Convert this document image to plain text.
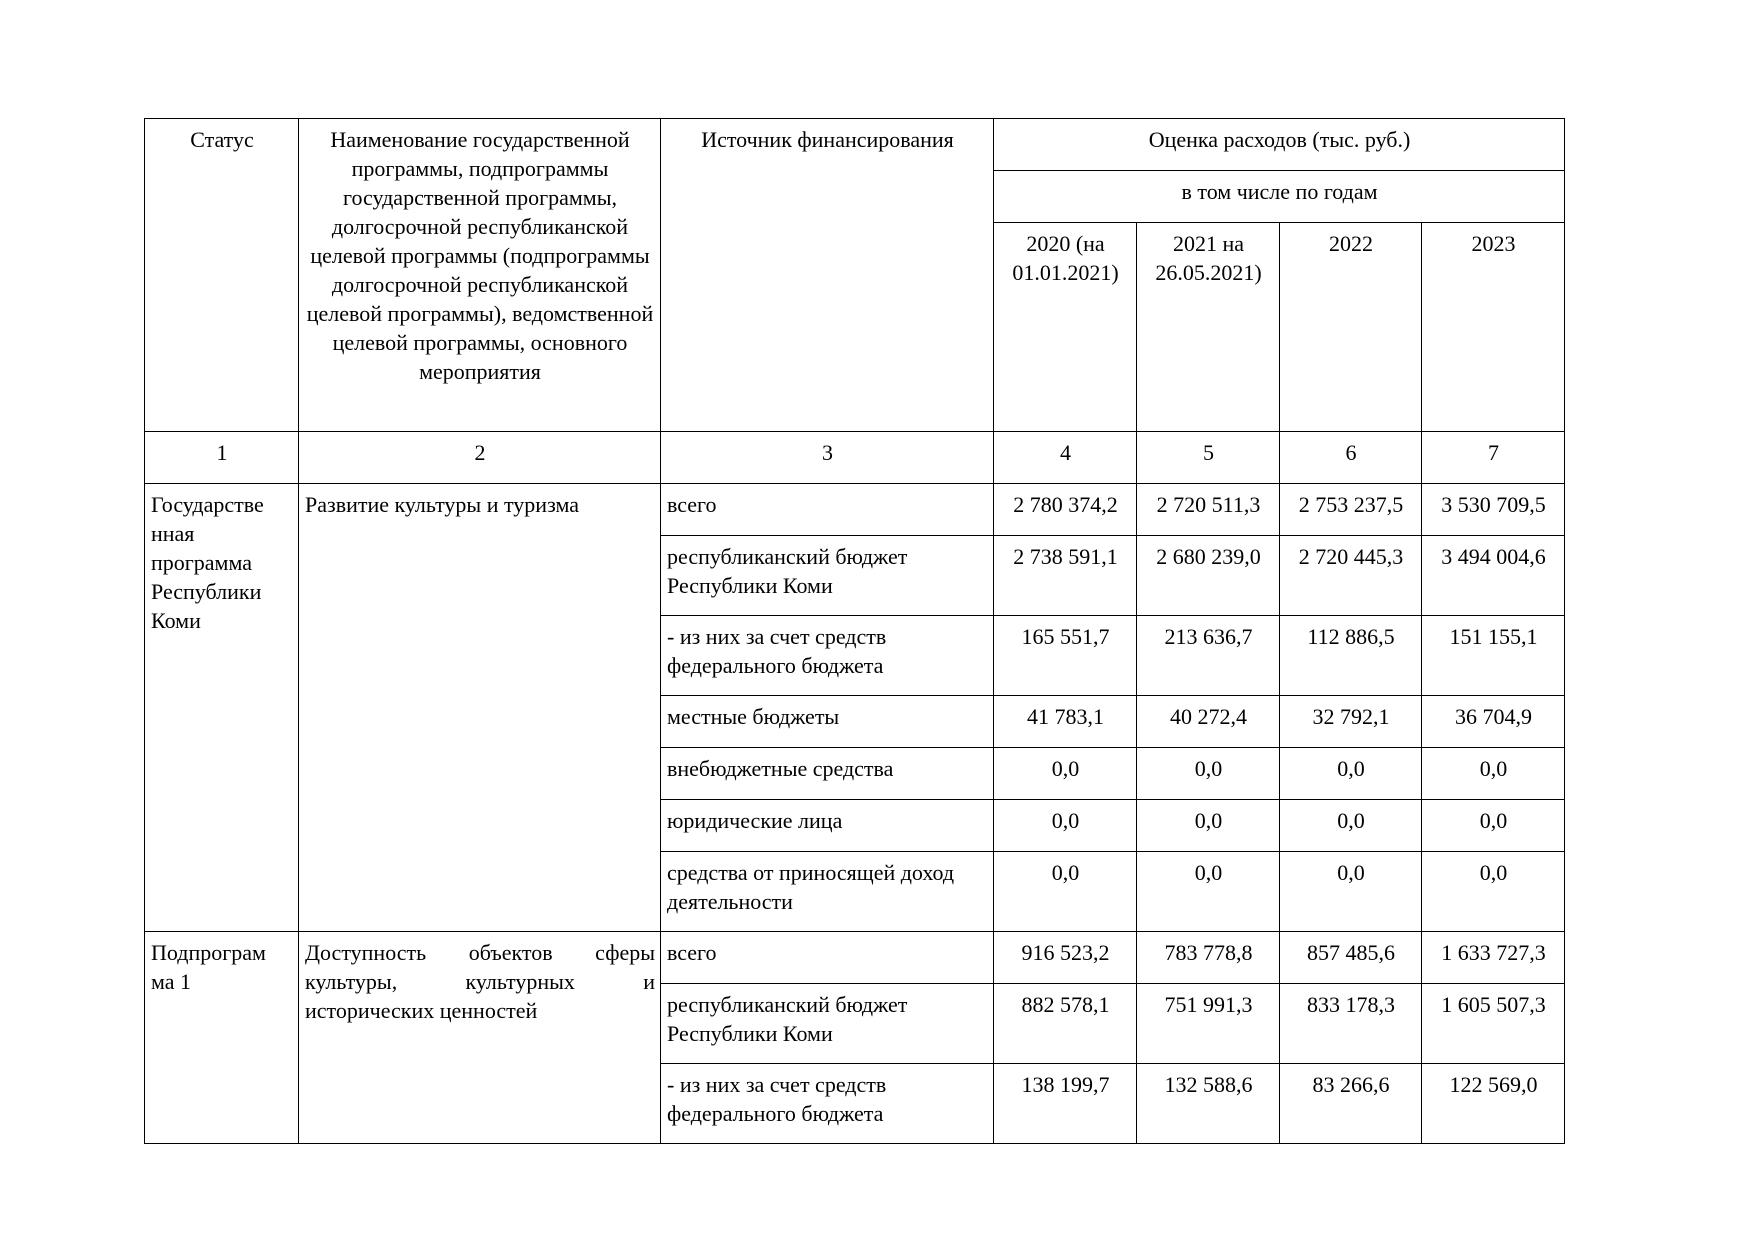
Статус	Наименование государственной программы, подпрограммы государственной программы, долгосрочной республиканской целевой программы (подпрограммы долгосрочной республиканской целевой программы), ведомственной целевой программы, основного мероприятия	Источник финансирования	Оценка расходов (тыс. руб.)			
			в том числе по годам			
			2020 (на 01.01.2021)	2021 на 26.05.2021)	2022	2023
1	2	3	4	5	6	7
Государстве нная программа Республики Коми	Развитие культуры и туризма	всего	2 780 374,2	2 720 511,3	2 753 237,5	3 530 709,5
		республиканский бюджет Республики Коми	2 738 591,1	2 680 239,0	2 720 445,3	3 494 004,6
		- из них за счет средств федерального бюджета	165 551,7	213 636,7	112 886,5	151 155,1
		местные бюджеты	41 783,1	40 272,4	32 792,1	36 704,9
		внебюджетные средства	0,0	0,0	0,0	0,0
		юридические лица	0,0	0,0	0,0	0,0
		средства от приносящей доход деятельности	0,0	0,0	0,0	0,0
Подпрограм ма 1	Доступность объектов сферы культуры, культурных и исторических ценностей	всего	916 523,2	783 778,8	857 485,6	1 633 727,3
		республиканский бюджет Республики Коми	882 578,1	751 991,3	833 178,3	1 605 507,3
		- из них за счет средств федерального бюджета	138 199,7	132 588,6	83 266,6	122 569,0
